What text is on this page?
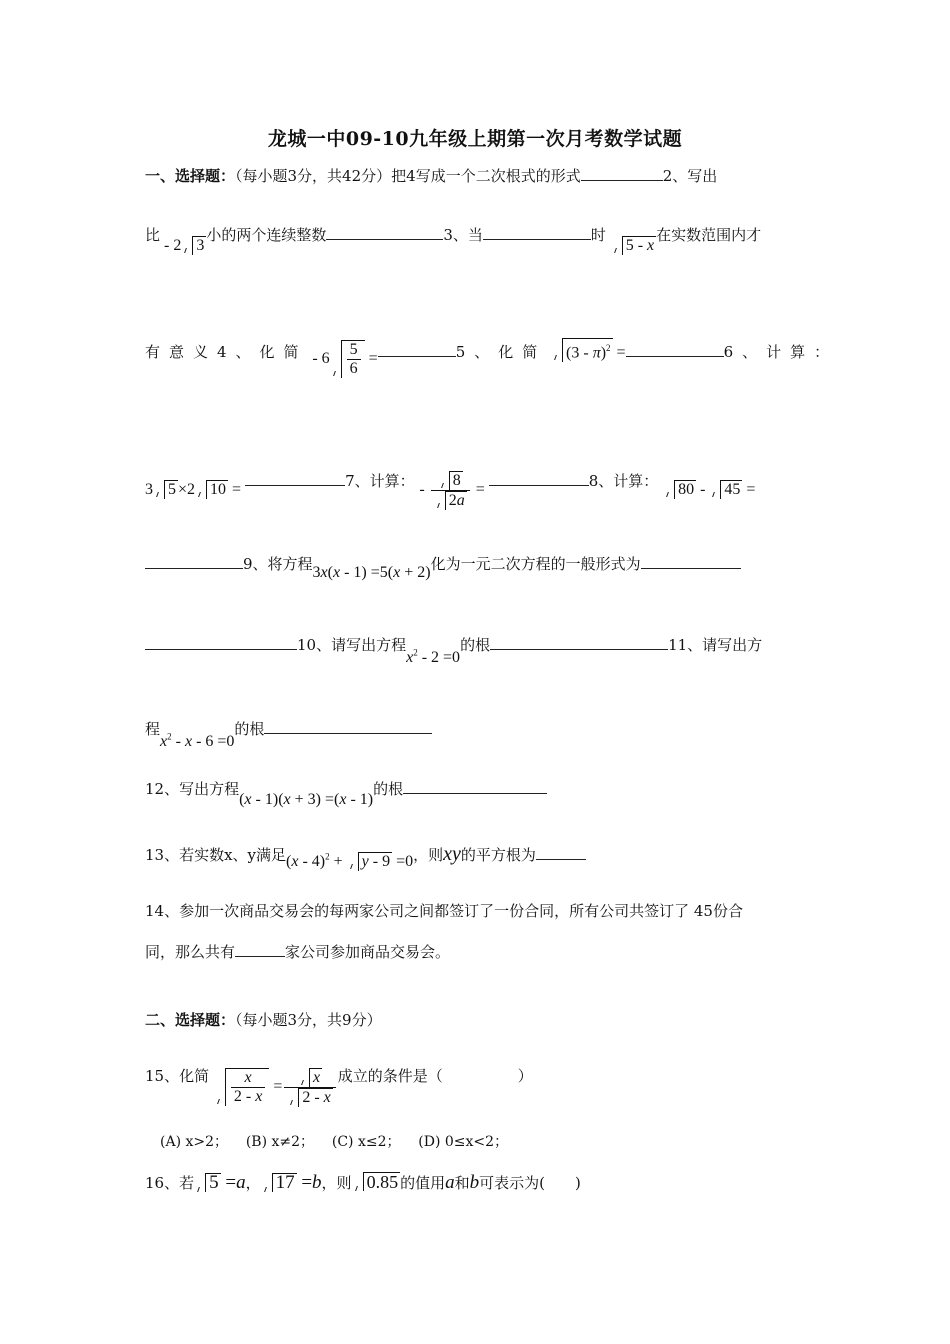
龙城一中09-10九年级上期第一次月考数学试题
一、选择题：（每小题3分，共42分）把4写成一个二次根式的形式	2、写出
比 - 2 3小的两个连续整数	3、当	时 5 - x在实数范围内才
有意义4、化简 - $6 \frac{5}{6}$ =	5、化简 (3 - π)$^2$ =	6、计算：
3 5 ×2 10 =	7、计算： - $\frac{8}{2a}$ =	8、计算： 80 - 45 =
9、将方程3x(x - 1) =5(x + 2)化为一元二次方程的一般形式为
10、请写出方程$x^2 - 2 =0$的根	11、请写出方
程$x^2 - x - 6 =0$的根
12、写出方程(x - 1)(x + 3) =(x - 1)的根
13、若实数x、y满足(x - 4)$^2$ + y - 9 =0，则xy的平方根为
14、参加一次商品交易会的每两家公司之间都签订了一份合同，所有公司共签订了 45份合
同，那么共有	家公司参加商品交易会。
二、选择题：（每小题3分，共9分）
15、化简 $\frac{x}{2 - x} = \frac{x}{2 - x}$ 成立的条件是（　　　　　）
(A) x>2； (B) x≠2； (C) x≤2； (D) 0≤x<2；
16、若 5 =a， 17 =b，则 0.85 的值用a和b可表示为(　　)
